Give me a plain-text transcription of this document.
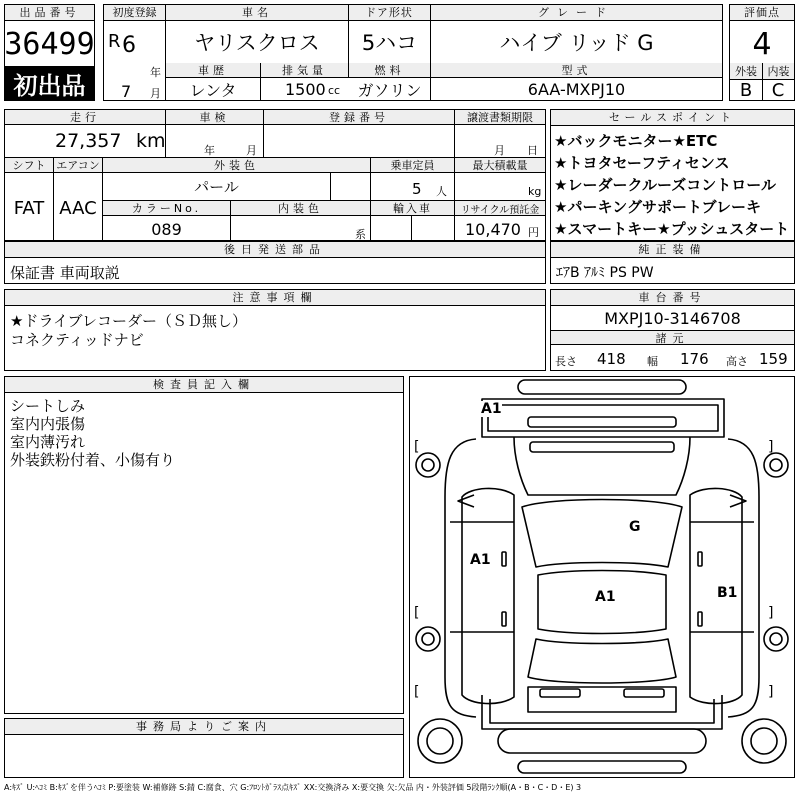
出品番号
36499
初出品
初度登録
R 6
年
7 月
車名	ドア形状	グレード
ヤリスクロス	5ハコ	ハイブ リッド G
車歴	排気量	燃料	型式
レンタ	1500 cc	ガソリン	6AA-MXPJ10
評価点
4
外装 内装
B	C
走行	車検	登録番号	譲渡書類期限
27,357 km	年	月	月 日
シフト エアコン	外装色	乗車定員	最大積載量
FAT AAC
パール	5 人	kg
カラーNo.	内装色	輸入車	リサイクル預託金
089	系	10,470 円
セールスポイント
★バックモニター★ETC
★トヨタセーフティセンス
★レーダークルーズコントロール
★パーキングサポートブレーキ
★スマートキー★プッシュスタート
後日発送部品
保証書 車両取説
純正装備
ｴｱB ｱﾙﾐ PS PW
注意事項欄
★ドライブレコーダー（ＳＤ無し）
コネクティッドナビ
車台番号
MXPJ10-3146708
諸元
長さ 418 幅 176 高さ 159
検査員記入欄
シートしみ
室内内張傷
室内薄汚れ
外装鉄粉付着、小傷有り
事務局よりご案内
[	]
[	]
[	]
A1
G
A1
A1	B1
A:ｷｽﾞ U:ﾍｺﾐ B:ｷｽﾞを伴うﾍｺﾐ P:要塗装 W:補修跡 S:錆 C:腐食、穴 G:ﾌﾛﾝﾄｶﾞﾗｽ点ｷｽﾞ XX:交換済み X:要交換 欠:欠品 内・外装評価 5段階ﾗﾝｸ順(A・B・C・D・E) 3
